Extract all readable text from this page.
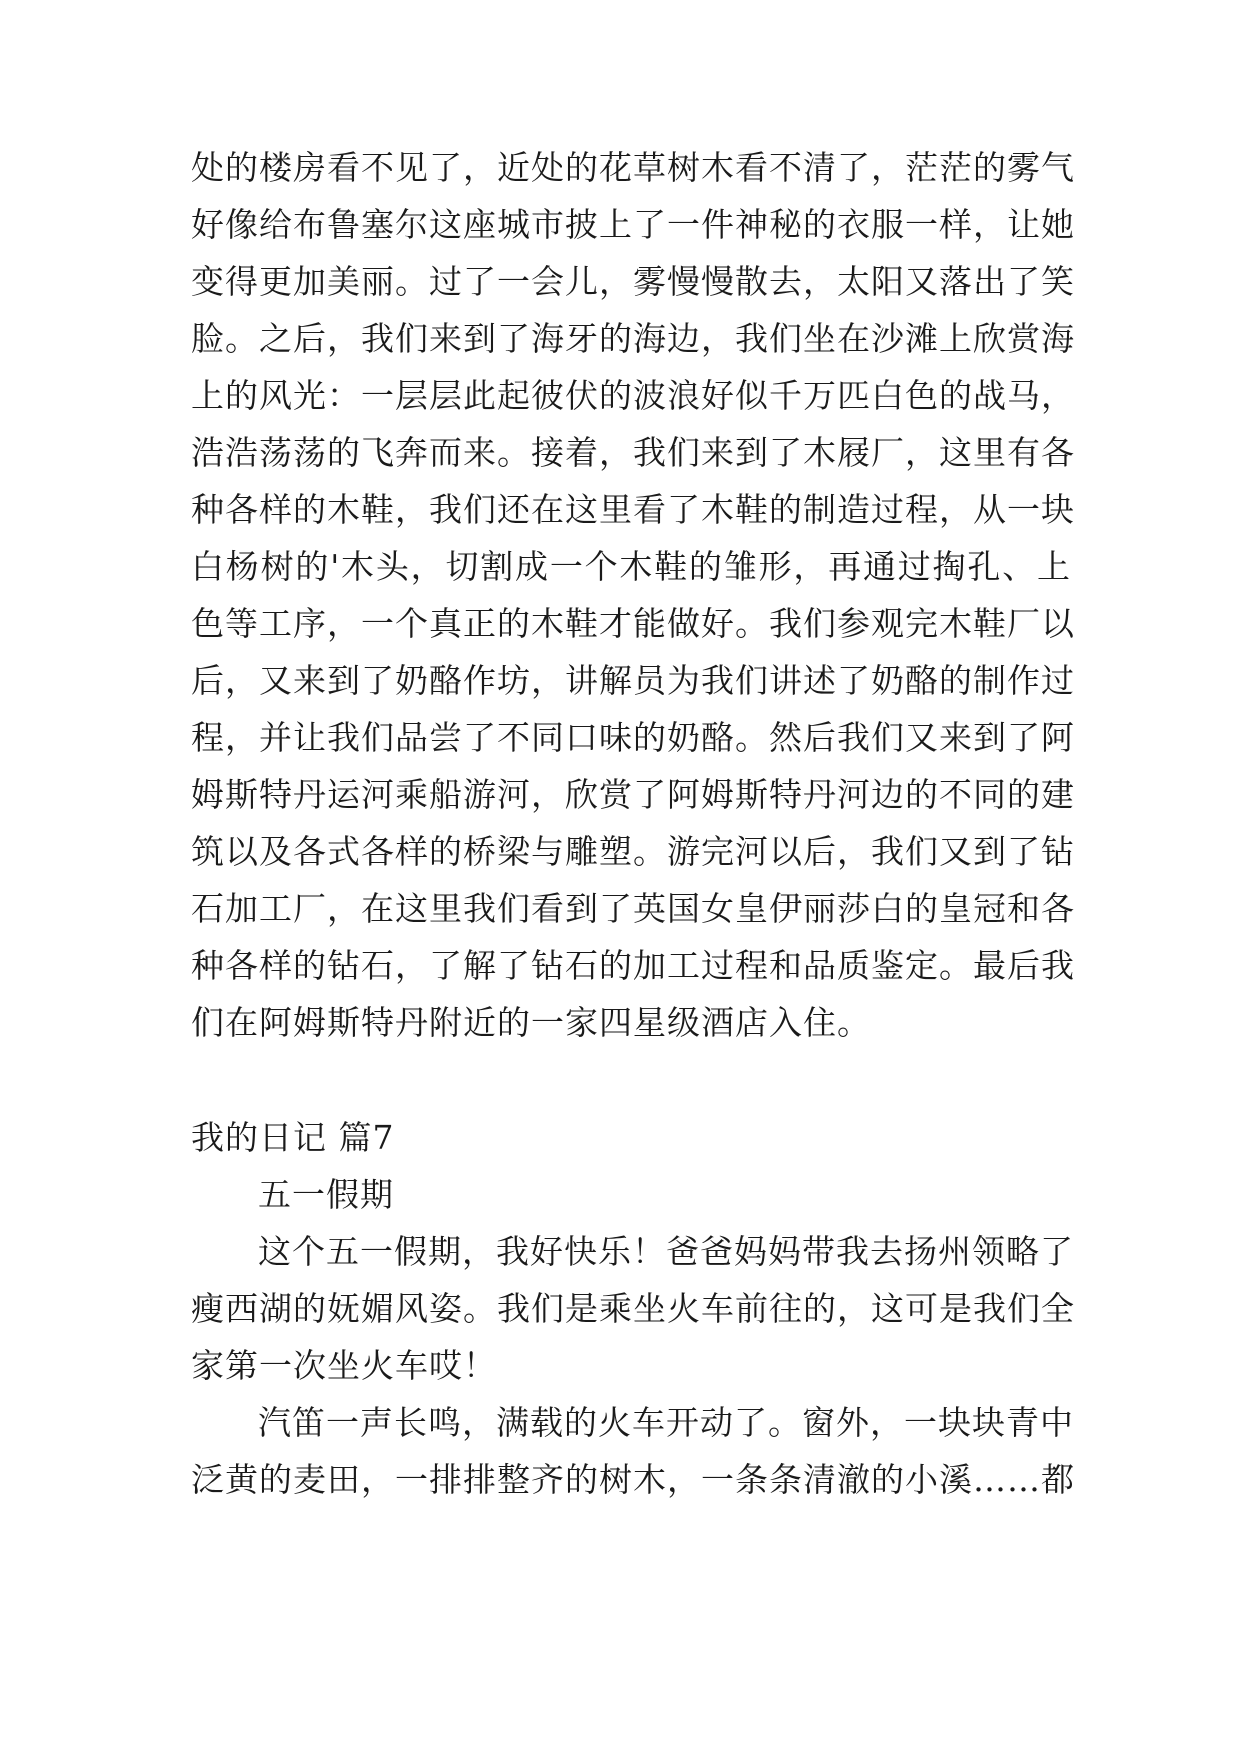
处的楼房看不见了，近处的花草树木看不清了，茫茫的雾气
好像给布鲁塞尔这座城市披上了一件神秘的衣服一样，让她
变得更加美丽。过了一会儿，雾慢慢散去，太阳又落出了笑
脸。之后，我们来到了海牙的海边，我们坐在沙滩上欣赏海
上的风光：一层层此起彼伏的波浪好似千万匹白色的战马，
浩浩荡荡的飞奔而来。接着，我们来到了木屐厂，这里有各
种各样的木鞋，我们还在这里看了木鞋的制造过程，从一块
白杨树的'木头，切割成一个木鞋的雏形，再通过掏孔、上
色等工序，一个真正的木鞋才能做好。我们参观完木鞋厂以
后，又来到了奶酪作坊，讲解员为我们讲述了奶酪的制作过
程，并让我们品尝了不同口味的奶酪。然后我们又来到了阿
姆斯特丹运河乘船游河，欣赏了阿姆斯特丹河边的不同的建
筑以及各式各样的桥梁与雕塑。游完河以后，我们又到了钻
石加工厂，在这里我们看到了英国女皇伊丽莎白的皇冠和各
种各样的钻石，了解了钻石的加工过程和品质鉴定。最后我
们在阿姆斯特丹附近的一家四星级酒店入住。
我的日记 篇7
五一假期
这个五一假期，我好快乐！爸爸妈妈带我去扬州领略了
瘦西湖的妩媚风姿。我们是乘坐火车前往的，这可是我们全
家第一次坐火车哎！
汽笛一声长鸣，满载的火车开动了。窗外，一块块青中
泛黄的麦田，一排排整齐的树木，一条条清澈的小溪……都
